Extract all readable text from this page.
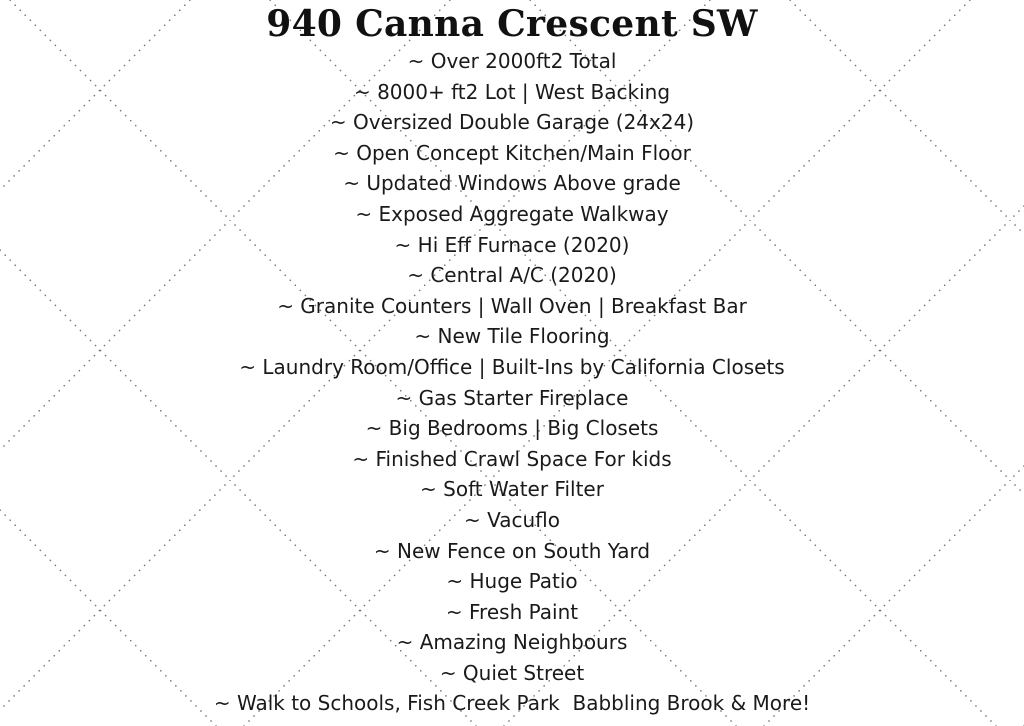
940 Canna Crescent SW
~ Over 2000ft2 Total
~ 8000+ ft2 Lot | West Backing
~ Oversized Double Garage (24x24)
~ Open Concept Kitchen/Main Floor
~ Updated Windows Above grade
~ Exposed Aggregate Walkway
~ Hi Eff Furnace (2020)
~ Central A/C (2020)
~ Granite Counters | Wall Oven | Breakfast Bar
~ New Tile Flooring
~ Laundry Room/Office | Built-Ins by California Closets
~ Gas Starter Fireplace
~ Big Bedrooms | Big Closets
~ Finished Crawl Space For kids
~ Soft Water Filter
~ Vacuflo
~ New Fence on South Yard
~ Huge Patio
~ Fresh Paint
~ Amazing Neighbours
~ Quiet Street
~ Walk to Schools, Fish Creek Park  Babbling Brook & More!
